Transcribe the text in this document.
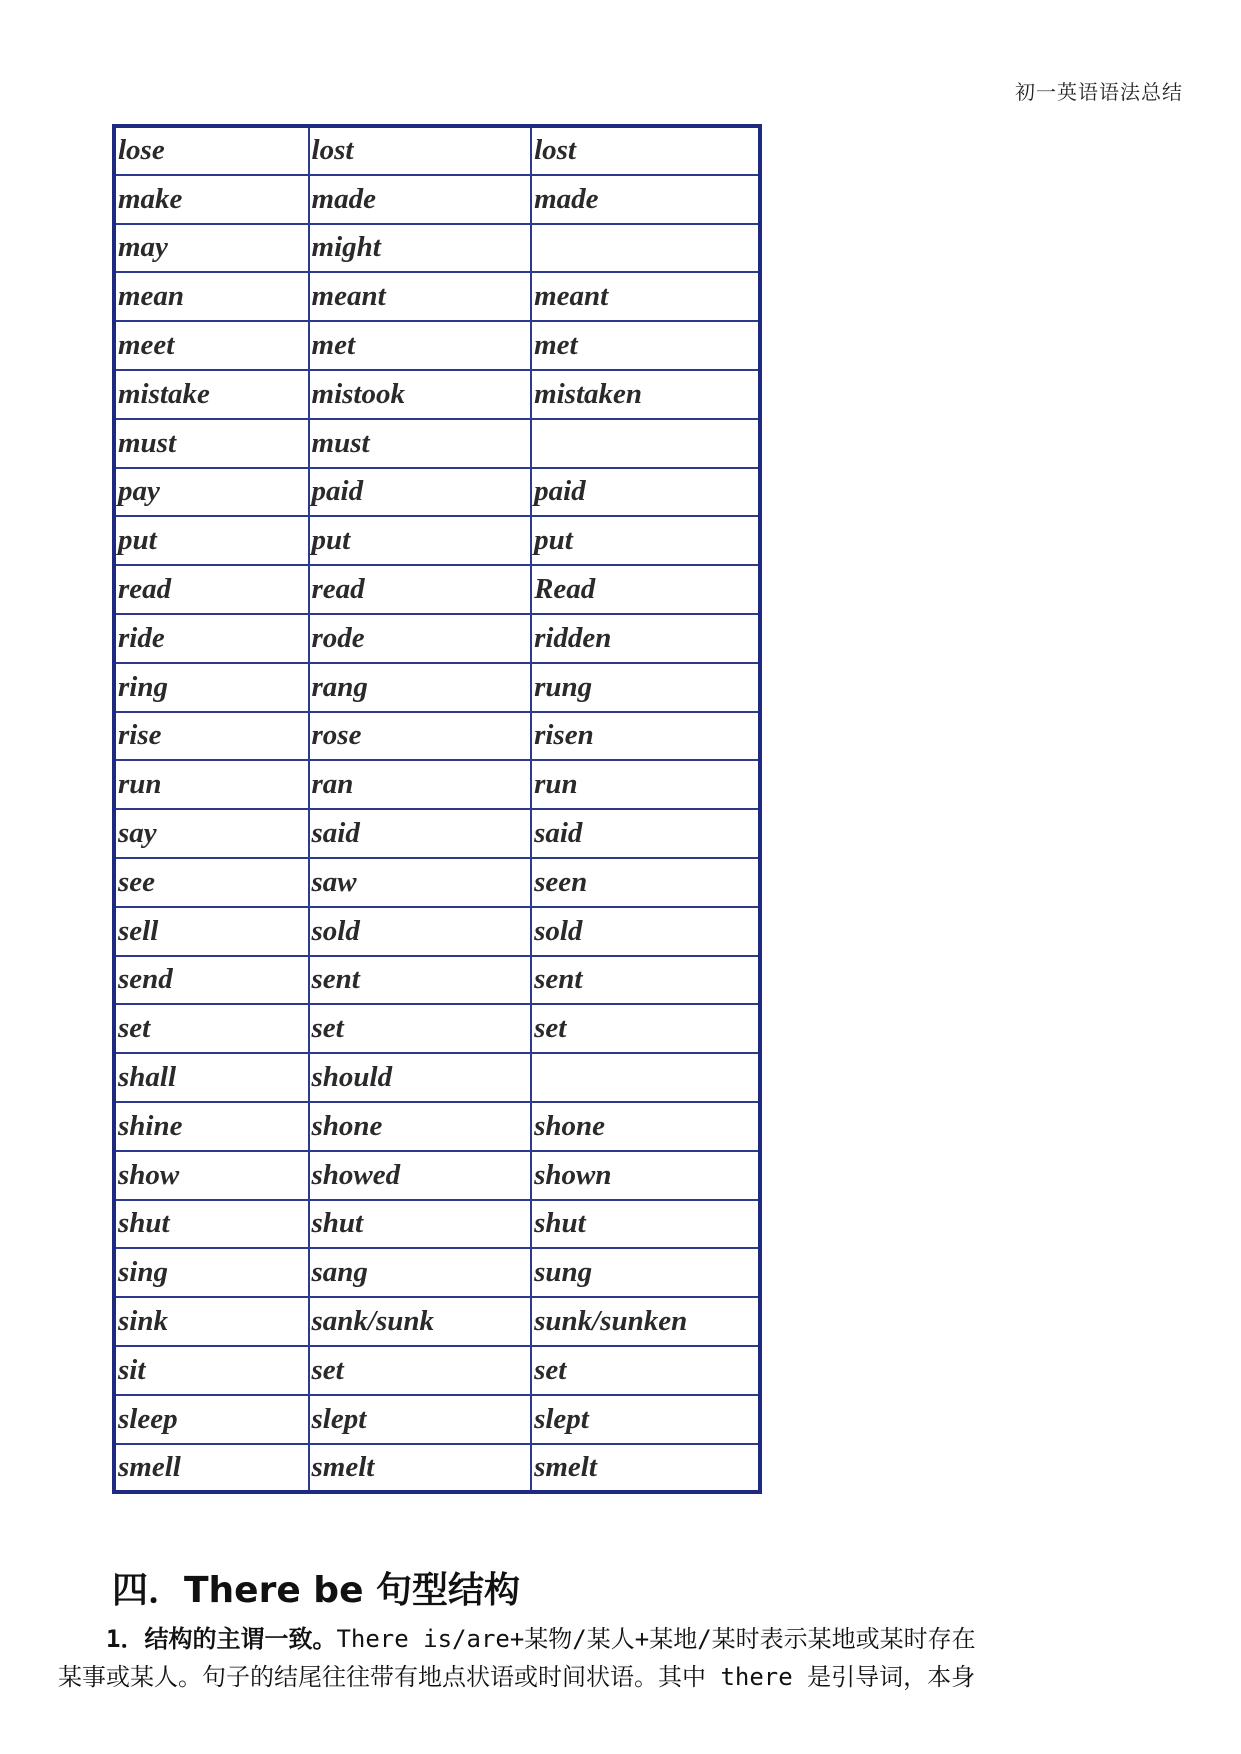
初一英语语法总结
lose	lost	lost
make	made	made
may	might	
mean	meant	meant
meet	met	met
mistake	mistook	mistaken
must	must	
pay	paid	paid
put	put	put
read	read	Read
ride	rode	ridden
ring	rang	rung
rise	rose	risen
run	ran	run
say	said	said
see	saw	seen
sell	sold	sold
send	sent	sent
set	set	set
shall	should	
shine	shone	shone
show	showed	shown
shut	shut	shut
sing	sang	sung
sink	sank/sunk	sunk/sunken
sit	set	set
sleep	slept	slept
smell	smelt	smelt
四．There be 句型结构
1．结构的主谓一致。There is/are+某物/某人+某地/某时表示某地或某时存在
某事或某人。句子的结尾往往带有地点状语或时间状语。其中 there 是引导词，本身
